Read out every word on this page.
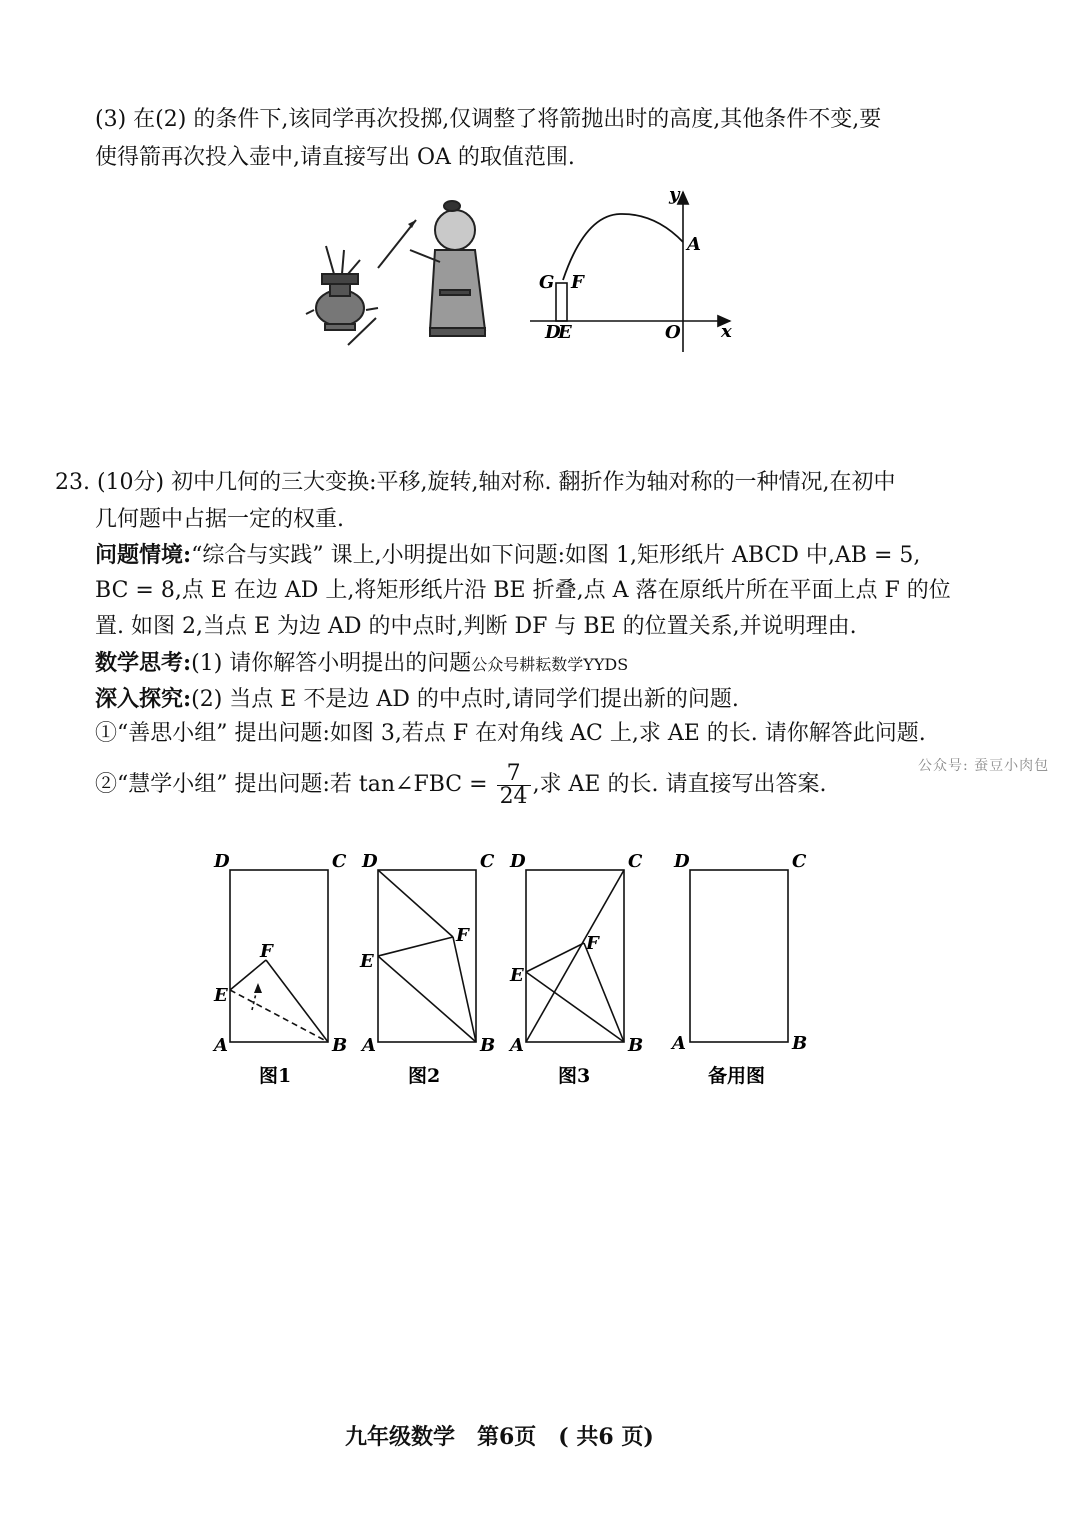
(3) 在(2) 的条件下,该同学再次投掷,仅调整了将箭抛出时的高度,其他条件不变,要
使得箭再次投入壶中,请直接写出 OA 的取值范围.
y
x
A
G F
D
E	O
23. (10分) 初中几何的三大变换:平移,旋转,轴对称. 翻折作为轴对称的一种情况,在初中
几何题中占据一定的权重.
问题情境:“综合与实践” 课上,小明提出如下问题:如图 1,矩形纸片 ABCD 中,AB = 5,
BC = 8,点 E 在边 AD 上,将矩形纸片沿 BE 折叠,点 A 落在原纸片所在平面上点 F 的位
置. 如图 2,当点 E 为边 AD 的中点时,判断 DF 与 BE 的位置关系,并说明理由.
数学思考:(1) 请你解答小明提出的问题公众号耕耘数学YYDS
深入探究:(2) 当点 E 不是边 AD 的中点时,请同学们提出新的问题.
①“善思小组” 提出问题:如图 3,若点 F 在对角线 AC 上,求 AE 的长. 请你解答此问题.
公众号: 蚕豆小肉包
②“慧学小组” 提出问题:若 tan∠FBC = $\frac{7}{24}$ ,求 AE 的长. 请直接写出答案.
D	C
E
F
A	B
图1
D	C
E
F
A	B
图2
D	C
E
F
A	B
图3
D	C
A	B
备用图
九年级数学　第6页　( 共6 页)
